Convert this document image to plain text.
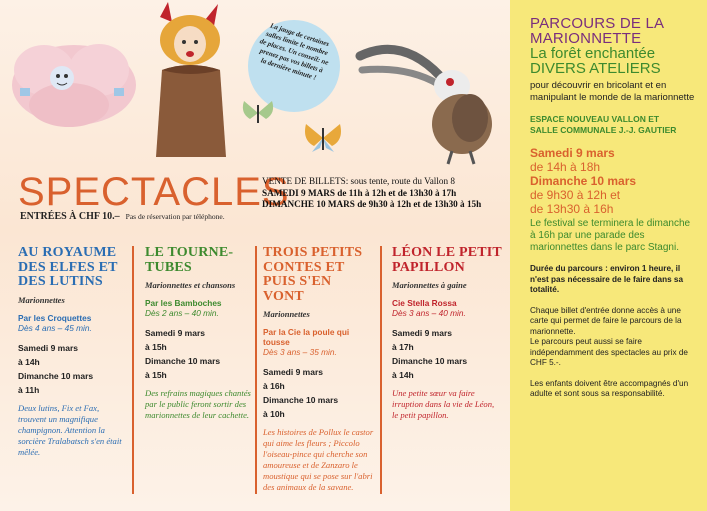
La jauge de certaines salles limite le nombre de places. Un conseil: ne prenez pas vos billets à la dernière minute !
SPECTACLES
ENTRÉES À CHF 10.– Pas de réservation par téléphone.
VENTE DE BILLETS: sous tente, route du Vallon 8
SAMEDI 9 MARS de 11h à 12h et de 13h30 à 17h
DIMANCHE 10 MARS de 9h30 à 12h et de 13h30 à 15h
AU ROYAUME DES ELFES ET DES LUTINS
Marionnettes
Par les Croquettes
Dès 4 ans – 45 min.
Samedi 9 mars
à 14h
Dimanche 10 mars
à 11h
Deux lutins, Fix et Fax, trouvent un magnifique champignon. Attention la sorcière Tralabatsch s'en était mêlée.
LE TOURNE-TUBES
Marionnettes et chansons
Par les Bamboches
Dès 2 ans – 40 min.
Samedi 9 mars
à 15h
Dimanche 10 mars
à 15h
Des refrains magiques chantés par le public feront sortir des marionnettes de leur cachette.
TROIS PETITS CONTES ET PUIS S'EN VONT
Marionnettes
Par la Cie la poule qui tousse
Dès 3 ans – 35 min.
Samedi 9 mars
à 16h
Dimanche 10 mars
à 10h
Les histoires de Pollux le castor qui aime les fleurs ; Piccolo l'oiseau-pince qui cherche son amoureuse et de Zanzaro le moustique qui se pose sur l'abri des animaux de la savane.
LÉON LE PETIT PAPILLON
Marionnettes à gaine
Cie Stella Rossa
Dès 3 ans – 40 min.
Samedi 9 mars
à 17h
Dimanche 10 mars
à 14h
Une petite sœur va faire irruption dans la vie de Léon, le petit papillon.
PARCOURS DE LA
MARIONNETTE
La forêt enchantée
DIVERS ATELIERS
pour découvrir en bricolant et en manipulant le monde de la marionnette
ESPACE NOUVEAU VALLON ET
SALLE COMMUNALE J.-J. GAUTIER
Samedi 9 mars
de 14h à 18h
Dimanche 10 mars
de 9h30 à 12h et
de 13h30 à 16h
Le festival se terminera le dimanche à 16h par une parade des marionnettes dans le parc Stagni.
Durée du parcours : environ 1 heure, il n'est pas nécessaire de le faire dans sa totalité.
Chaque billet d'entrée donne accès à une carte qui permet de faire le parcours de la marionnette.
Le parcours peut aussi se faire indépendamment des spectacles au prix de CHF 5.-.
Les enfants doivent être accompagnés d'un adulte et sont sous sa responsabilité.
